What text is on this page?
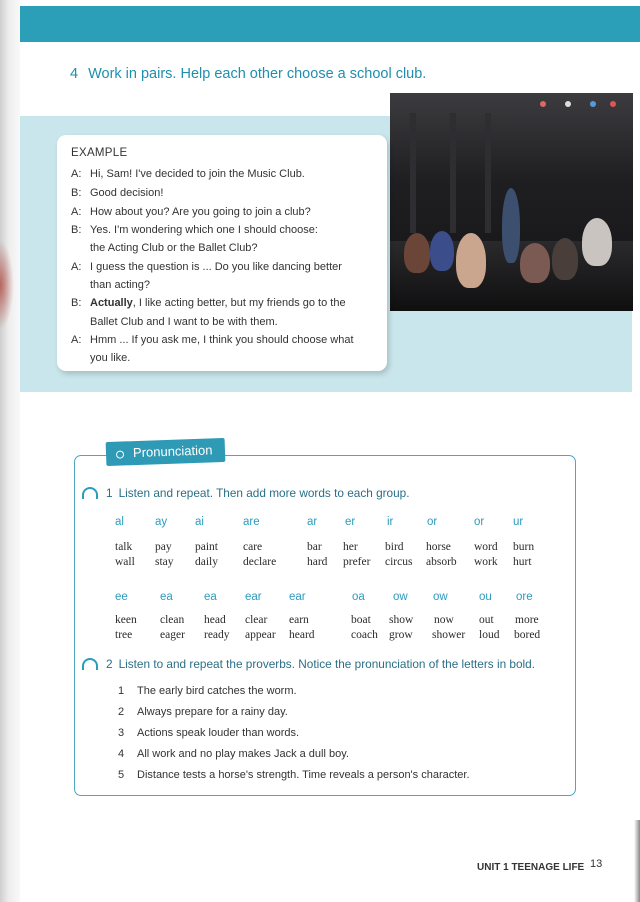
4 Work in pairs. Help each other choose a school club.
EXAMPLE
A: Hi, Sam! I've decided to join the Music Club.
B: Good decision!
A: How about you? Are you going to join a club?
B: Yes. I'm wondering which one I should choose:
the Acting Club or the Ballet Club?
A: I guess the question is ... Do you like dancing better
than acting?
B: Actually, I like acting better, but my friends go to the
Ballet Club and I want to be with them.
A: Hmm ... If you ask me, I think you should choose what
you like.
Pronunciation
1 Listen and repeat. Then add more words to each group.
al	ay ai	are	ar er	ir	or	or	ur
talk pay paint care	bar her bird horse word burn
wall stay daily declare	hard prefer circus absorb work hurt
ee	ea	ea ear ear	oa ow ow	ou ore
keen clean head clear earn	boat show now out more
tree eager ready appear heard	coach grow shower loud bored
2 Listen to and repeat the proverbs. Notice the pronunciation of the letters in bold.
1 The early bird catches the worm.
2 Always prepare for a rainy day.
3 Actions speak louder than words.
4 All work and no play makes Jack a dull boy.
5 Distance tests a horse's strength. Time reveals a person's character.
UNIT 1 TEENAGE LIFE 13
